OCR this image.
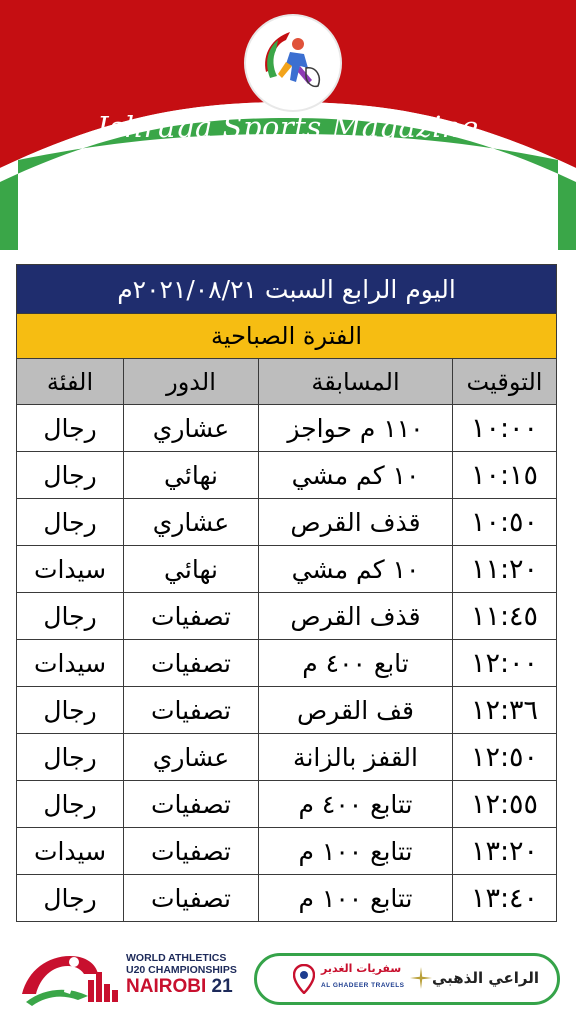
Ishraqa Sports Magazine
اليوم الرابع السبت ٢٠٢١/٠٨/٢١م			
الفترة الصباحية			
الفئة	الدور	المسابقة	التوقيت
رجال	عشاري	١١٠ م حواجز	١٠:٠٠
رجال	نهائي	١٠ كم مشي	١٠:١٥
رجال	عشاري	قذف القرص	١٠:٥٠
سيدات	نهائي	١٠ كم مشي	١١:٢٠
رجال	تصفيات	قذف القرص	١١:٤٥
سيدات	تصفيات	تابع ٤٠٠ م	١٢:٠٠
رجال	تصفيات	قف القرص	١٢:٣٦
رجال	عشاري	القفز بالزانة	١٢:٥٠
رجال	تصفيات	تتابع ٤٠٠ م	١٢:٥٥
سيدات	تصفيات	تتابع ١٠٠ م	١٣:٢٠
رجال	تصفيات	تتابع ١٠٠ م	١٣:٤٠
WORLD ATHLETICS
U20 CHAMPIONSHIPS
NAIROBI 21
سفريات الغدير
AL GHADEER TRAVELS الراعي الذهبي
